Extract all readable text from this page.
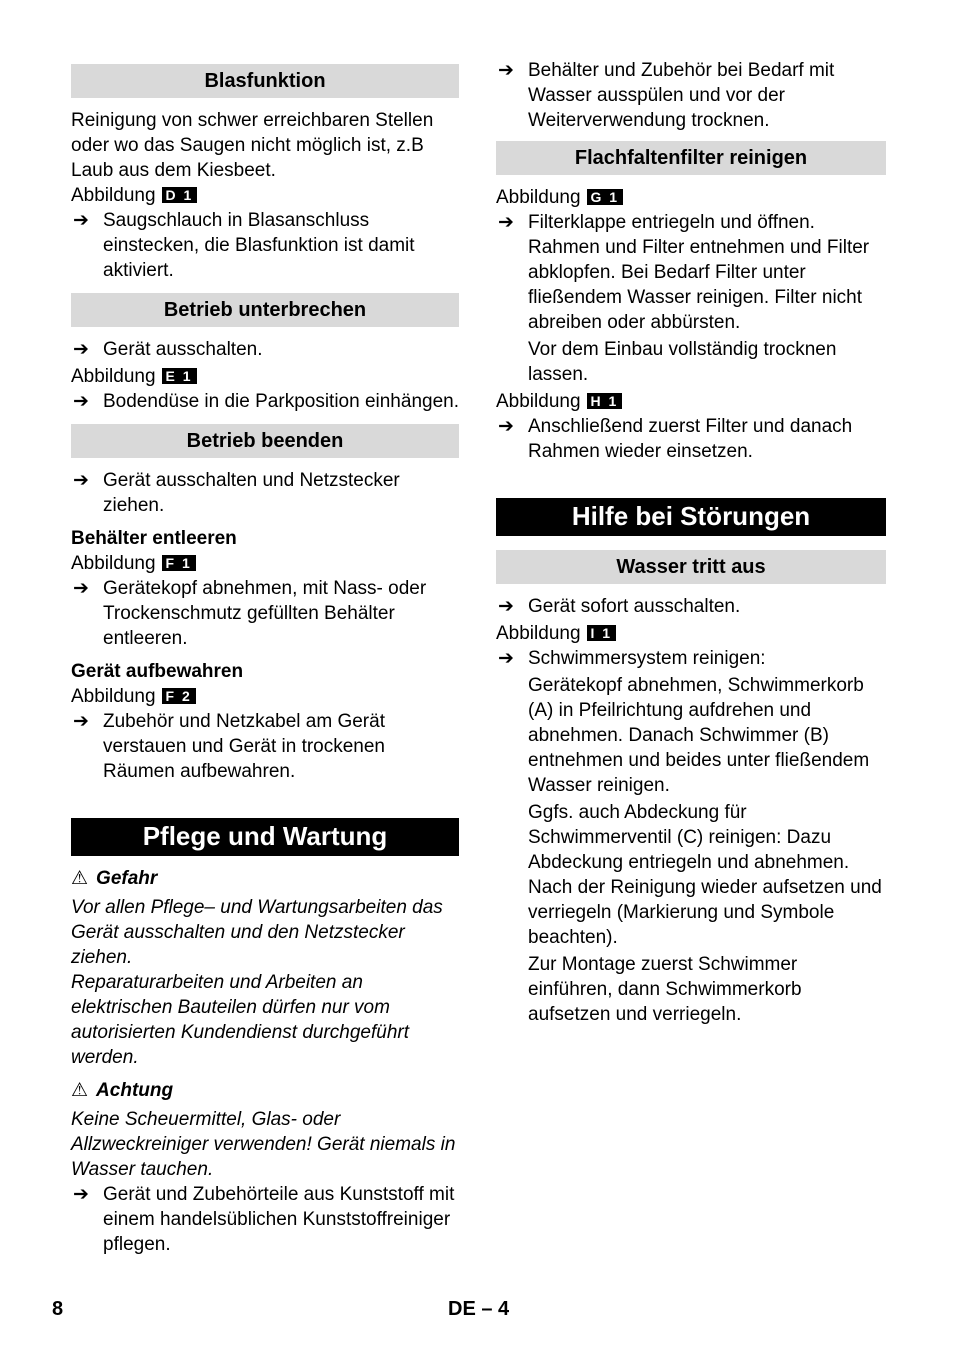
Blasfunktion

Reinigung von schwer erreichbaren Stellen oder wo das Saugen nicht möglich ist, z.B Laub aus dem Kiesbeet.

Abbildung D 1

➔ Saugschlauch in Blasanschluss einstecken, die Blasfunktion ist damit aktiviert.

Betrieb unterbrechen

➔ Gerät ausschalten.

Abbildung E 1

➔ Bodendüse in die Parkposition einhängen.

Betrieb beenden

➔ Gerät ausschalten und Netzstecker ziehen.

Behälter entleeren

Abbildung F 1

➔ Gerätekopf abnehmen, mit Nass- oder Trockenschmutz gefüllten Behälter entleeren.

Gerät aufbewahren

Abbildung F 2

➔ Zubehör und Netzkabel am Gerät verstauen und Gerät in trockenen Räumen aufbewahren.

Pflege und Wartung

⚠ Gefahr

Vor allen Pflege– und Wartungsarbeiten das Gerät ausschalten und den Netzstecker ziehen.

Reparaturarbeiten und Arbeiten an elektrischen Bauteilen dürfen nur vom autorisierten Kundendienst durchgeführt werden.

⚠ Achtung

Keine Scheuermittel, Glas- oder Allzweckreiniger verwenden! Gerät niemals in Wasser tauchen.

➔ Gerät und Zubehörteile aus Kunststoff mit einem handelsüblichen Kunststoffreiniger pflegen.

➔ Behälter und Zubehör bei Bedarf mit Wasser ausspülen und vor der Weiterverwendung trocknen.

Flachfaltenfilter reinigen

Abbildung G 1

➔ Filterklappe entriegeln und öffnen. Rahmen und Filter entnehmen und Filter abklopfen. Bei Bedarf Filter unter fließendem Wasser reinigen. Filter nicht abreiben oder abbürsten.

Vor dem Einbau vollständig trocknen lassen.

Abbildung H 1

➔ Anschließend zuerst Filter und danach Rahmen wieder einsetzen.

Hilfe bei Störungen
Wasser tritt aus

➔ Gerät sofort ausschalten.

Abbildung I 1

➔ Schwimmersystem reinigen:

Gerätekopf abnehmen, Schwimmerkorb (A) in Pfeilrichtung aufdrehen und abnehmen. Danach Schwimmer (B) entnehmen und beides unter fließendem Wasser reinigen.

Ggfs. auch Abdeckung für Schwimmerventil (C) reinigen: Dazu Abdeckung entriegeln und abnehmen. Nach der Reinigung wieder aufsetzen und verriegeln (Markierung und Symbole beachten).

Zur Montage zuerst Schwimmer einführen, dann Schwimmerkorb aufsetzen und verriegeln.

8	DE – 4
